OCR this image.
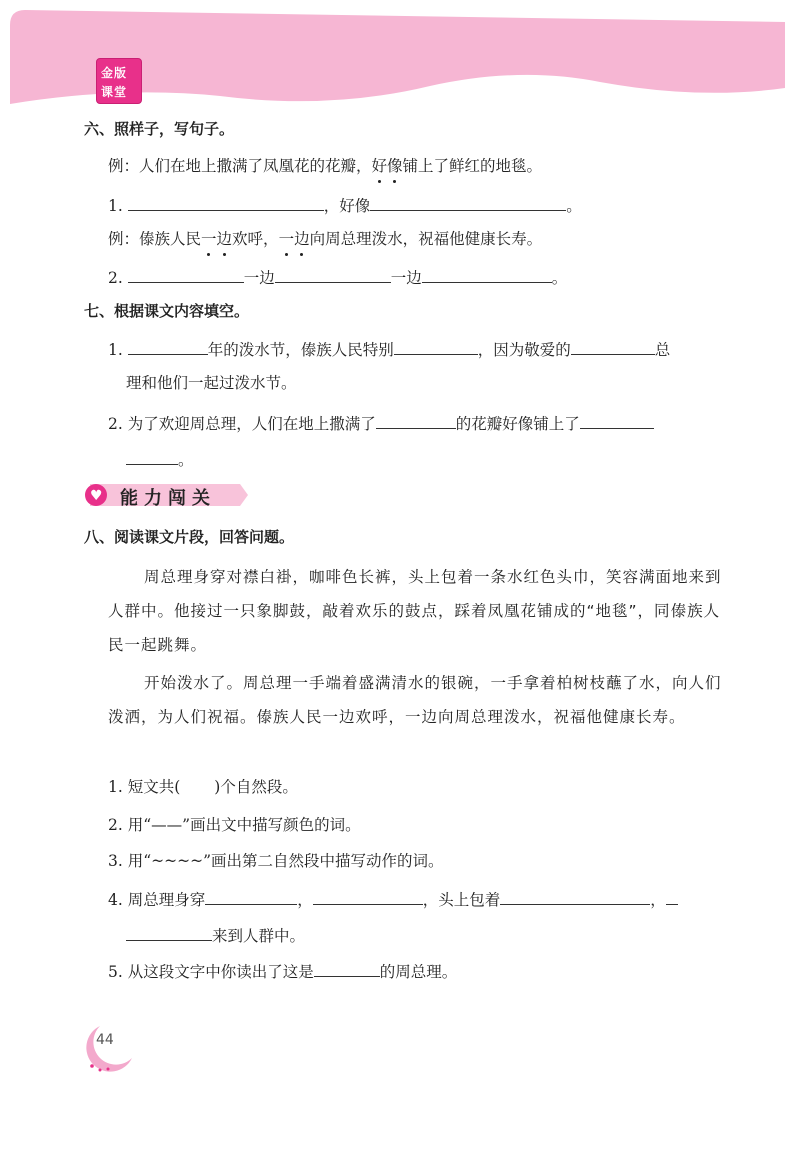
金版
课堂
六、照样子，写句子。
例：人们在地上撒满了凤凰花的花瓣，好像铺上了鲜红的地毯。
1.	，好像	。
例：傣族人民一边欢呼，一边向周总理泼水，祝福他健康长寿。
2.	一边	一边	。
七、根据课文内容填空。
1.	年的泼水节，傣族人民特别	，因为敬爱的	总
理和他们一起过泼水节。
2. 为了欢迎周总理，人们在地上撒满了	的花瓣好像铺上了
。
♥ 能力闯关
八、阅读课文片段，回答问题。
周总理身穿对襟白褂，咖啡色长裤，头上包着一条水红色头巾，笑容满面地来到人群中。他接过一只象脚鼓，敲着欢乐的鼓点，踩着凤凰花铺成的“地毯”，同傣族人民一起跳舞。
开始泼水了。周总理一手端着盛满清水的银碗，一手拿着柏树枝蘸了水，向人们泼洒，为人们祝福。傣族人民一边欢呼，一边向周总理泼水，祝福他健康长寿。
1. 短文共( )个自然段。
2. 用“——”画出文中描写颜色的词。
3. 用“~~~~”画出第二自然段中描写动作的词。
4. 周总理身穿	，	，头上包着	，
来到人群中。
5. 从这段文字中你读出了这是	的周总理。
44
